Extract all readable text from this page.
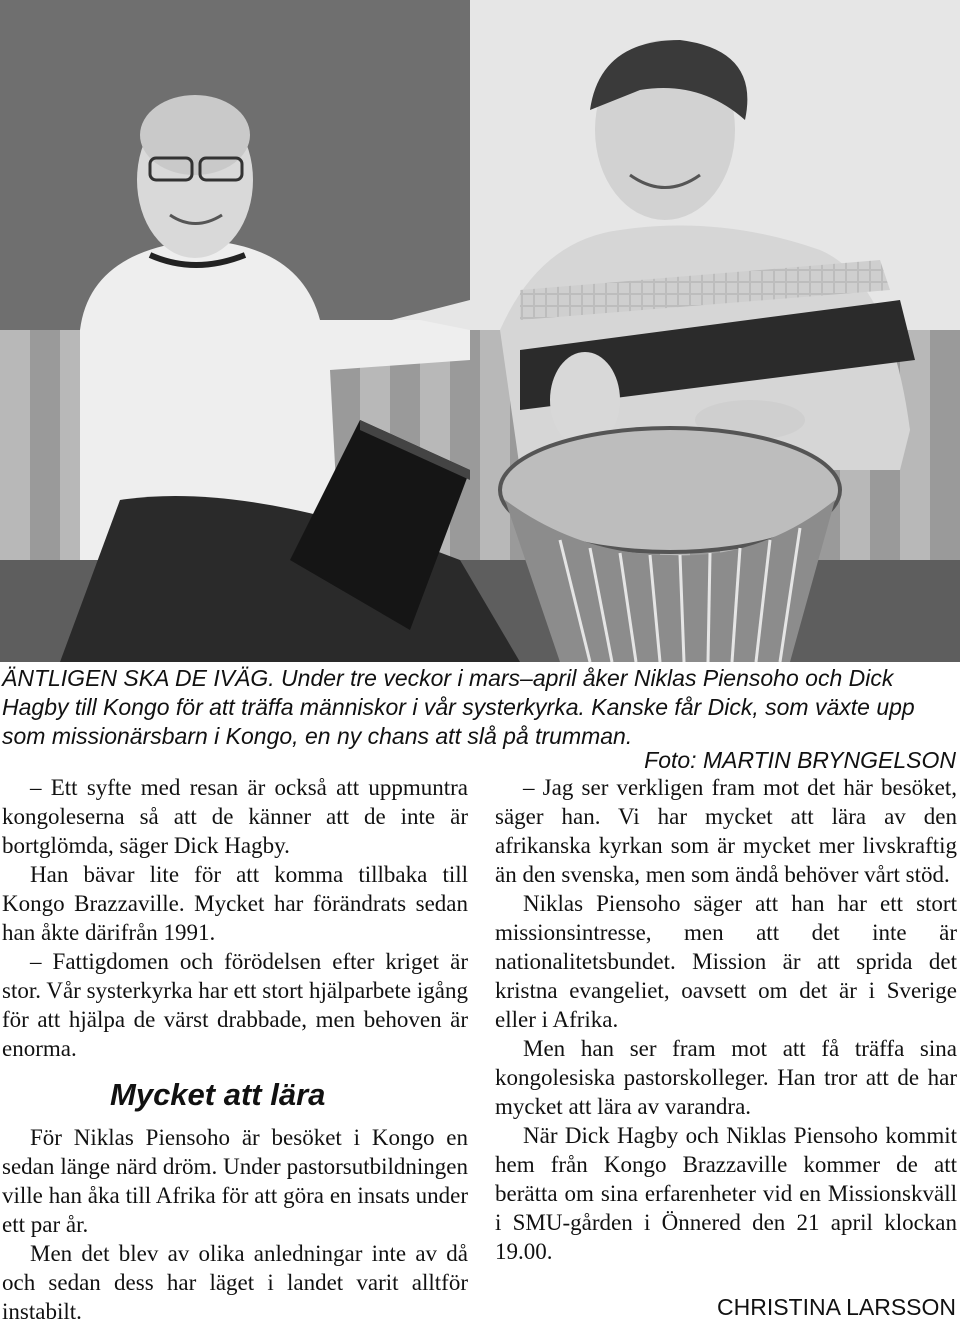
ÄNTLIGEN SKA DE IVÄG. Under tre veckor i mars–april åker Niklas Piensoho och Dick Hagby till Kongo för att träffa människor i vår systerkyrka. Kanske får Dick, som växte upp som missionärsbarn i Kongo, en ny chans att slå på trumman.

Foto: MARTIN BRYNGELSON

– Ett syfte med resan är också att uppmuntra kongoleserna så att de känner att de inte är bortglömda, säger Dick Hagby.

Han bävar lite för att komma tillbaka till Kongo Brazzaville. Mycket har förändrats sedan han åkte därifrån 1991.

– Fattigdomen och förödelsen efter kriget är stor. Vår systerkyrka har ett stort hjälparbete igång för att hjälpa de värst drabbade, men behoven är enorma.

Mycket att lära

För Niklas Piensoho är besöket i Kongo en sedan länge närd dröm. Under pastorsutbildningen ville han åka till Afrika för att göra en insats under ett par år.

Men det blev av olika anledningar inte av då och sedan dess har läget i landet varit alltför instabilt.

– Jag ser verkligen fram mot det här besöket, säger han. Vi har mycket att lära av den afrikanska kyrkan som är mycket mer livskraftig än den svenska, men som ändå behöver vårt stöd.

Niklas Piensoho säger att han har ett stort missionsintresse, men att det inte är nationalitetsbundet. Mission är att sprida det kristna evangeliet, oavsett om det är i Sverige eller i Afrika.

Men han ser fram mot att få träffa sina kongolesiska pastorskolleger. Han tror att de har mycket att lära av varandra.

När Dick Hagby och Niklas Piensoho kommit hem från Kongo Brazzaville kommer de att berätta om sina erfarenheter vid en Missionskväll i SMU-gården i Önnered den 21 april klockan 19.00.

CHRISTINA LARSSON
